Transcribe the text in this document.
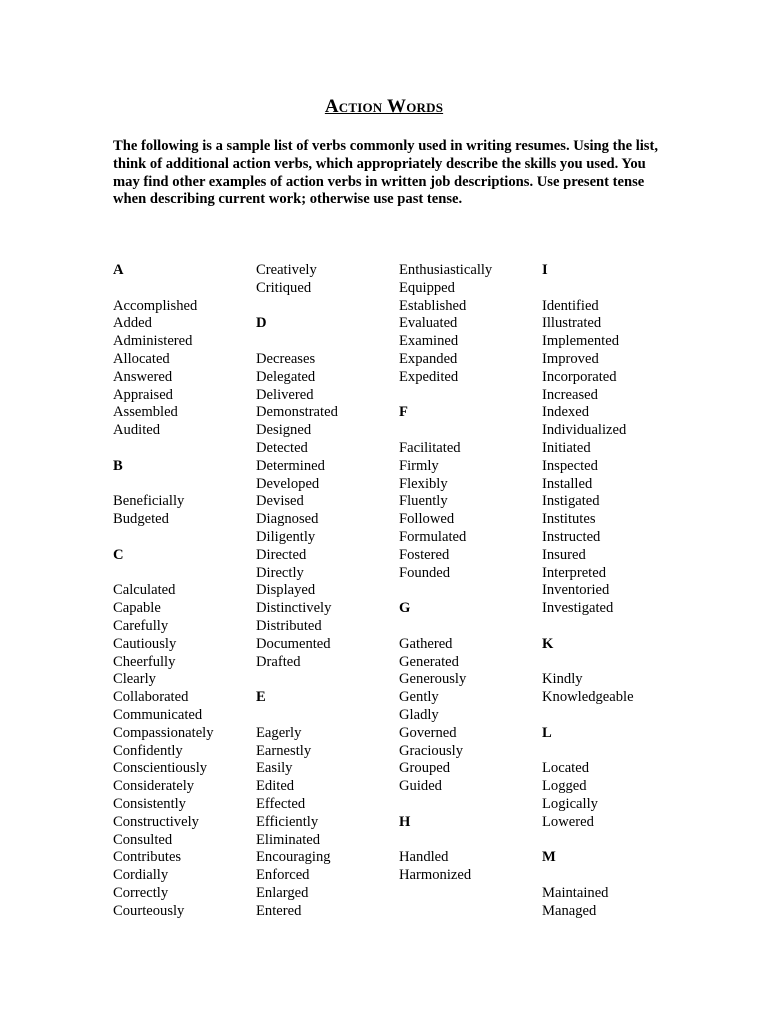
Action Words

The following is a sample list of verbs commonly used in writing resumes. Using the list, think of additional action verbs, which appropriately describe the skills you used. You may find other examples of action verbs in written job descriptions. Use present tense when describing current work; otherwise use past tense.

A
Accomplished
Added
Administered
Allocated
Answered
Appraised
Assembled
Audited
B
Beneficially
Budgeted
C
Calculated
Capable
Carefully
Cautiously
Cheerfully
Clearly
Collaborated
Communicated
Compassionately
Confidently
Conscientiously
Considerately
Consistently
Constructively
Consulted
Contributes
Cordially
Correctly
Courteously
Creatively
Critiqued
D
Decreases
Delegated
Delivered
Demonstrated
Designed
Detected
Determined
Developed
Devised
Diagnosed
Diligently
Directed
Directly
Displayed
Distinctively
Distributed
Documented
Drafted
E
Eagerly
Earnestly
Easily
Edited
Effected
Efficiently
Eliminated
Encouraging
Enforced
Enlarged
Entered
Enthusiastically
Equipped
Established
Evaluated
Examined
Expanded
Expedited
F
Facilitated
Firmly
Flexibly
Fluently
Followed
Formulated
Fostered
Founded
G
Gathered
Generated
Generously
Gently
Gladly
Governed
Graciously
Grouped
Guided
H
Handled
Harmonized
I
Identified
Illustrated
Implemented
Improved
Incorporated
Increased
Indexed
Individualized
Initiated
Inspected
Installed
Instigated
Institutes
Instructed
Insured
Interpreted
Inventoried
Investigated
K
Kindly
Knowledgeable
L
Located
Logged
Logically
Lowered
M
Maintained
Managed
